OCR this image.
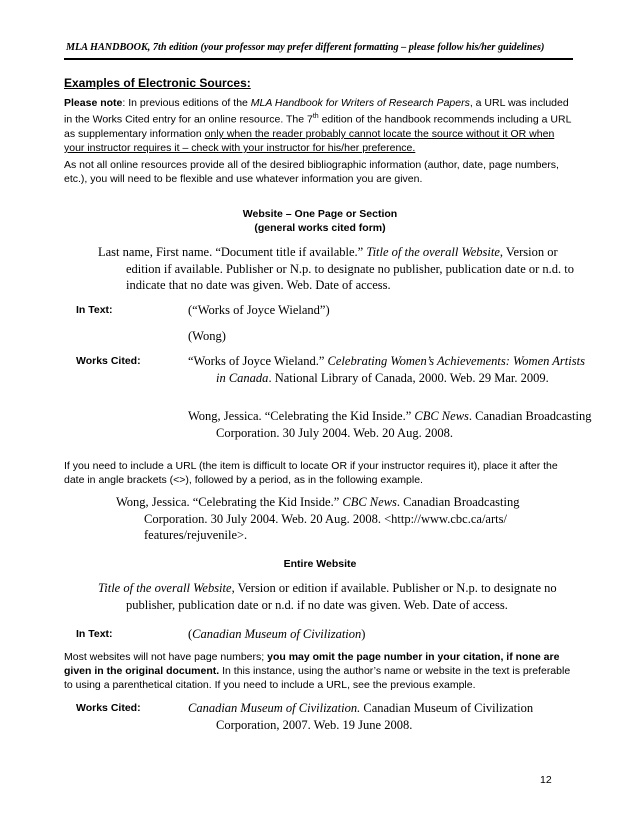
MLA HANDBOOK, 7th edition (your professor may prefer different formatting – please follow his/her guidelines)
Examples of Electronic Sources:
Please note: In previous editions of the MLA Handbook for Writers of Research Papers, a URL was included in the Works Cited entry for an online resource. The 7th edition of the handbook recommends including a URL as supplementary information only when the reader probably cannot locate the source without it OR when your instructor requires it – check with your instructor for his/her preference.
As not all online resources provide all of the desired bibliographic information (author, date, page numbers, etc.), you will need to be flexible and use whatever information you are given.
Website – One Page or Section
(general works cited form)
Last name, First name. “Document title if available.” Title of the overall Website, Version or edition if available. Publisher or N.p. to designate no publisher, publication date or n.d. to indicate that no date was given. Web. Date of access.
In Text:	(“Works of Joyce Wieland”)
(Wong)
Works Cited:	“Works of Joyce Wieland.” Celebrating Women’s Achievements: Women Artists in Canada. National Library of Canada, 2000. Web. 29 Mar. 2009.
Wong, Jessica. “Celebrating the Kid Inside.” CBC News. Canadian Broadcasting Corporation. 30 July 2004. Web. 20 Aug. 2008.
If you need to include a URL (the item is difficult to locate OR if your instructor requires it), place it after the date in angle brackets (<>), followed by a period, as in the following example.
Wong, Jessica. “Celebrating the Kid Inside.” CBC News. Canadian Broadcasting Corporation. 30 July 2004. Web. 20 Aug. 2008. <http://www.cbc.ca/arts/ features/rejuvenile>.
Entire Website
Title of the overall Website, Version or edition if available. Publisher or N.p. to designate no publisher, publication date or n.d. if no date was given. Web. Date of access.
In Text:	(Canadian Museum of Civilization)
Most websites will not have page numbers; you may omit the page number in your citation, if none are given in the original document. In this instance, using the author’s name or website in the text is preferable to using a parenthetical citation. If you need to include a URL, see the previous example.
Works Cited:	Canadian Museum of Civilization. Canadian Museum of Civilization Corporation, 2007. Web. 19 June 2008.
12
